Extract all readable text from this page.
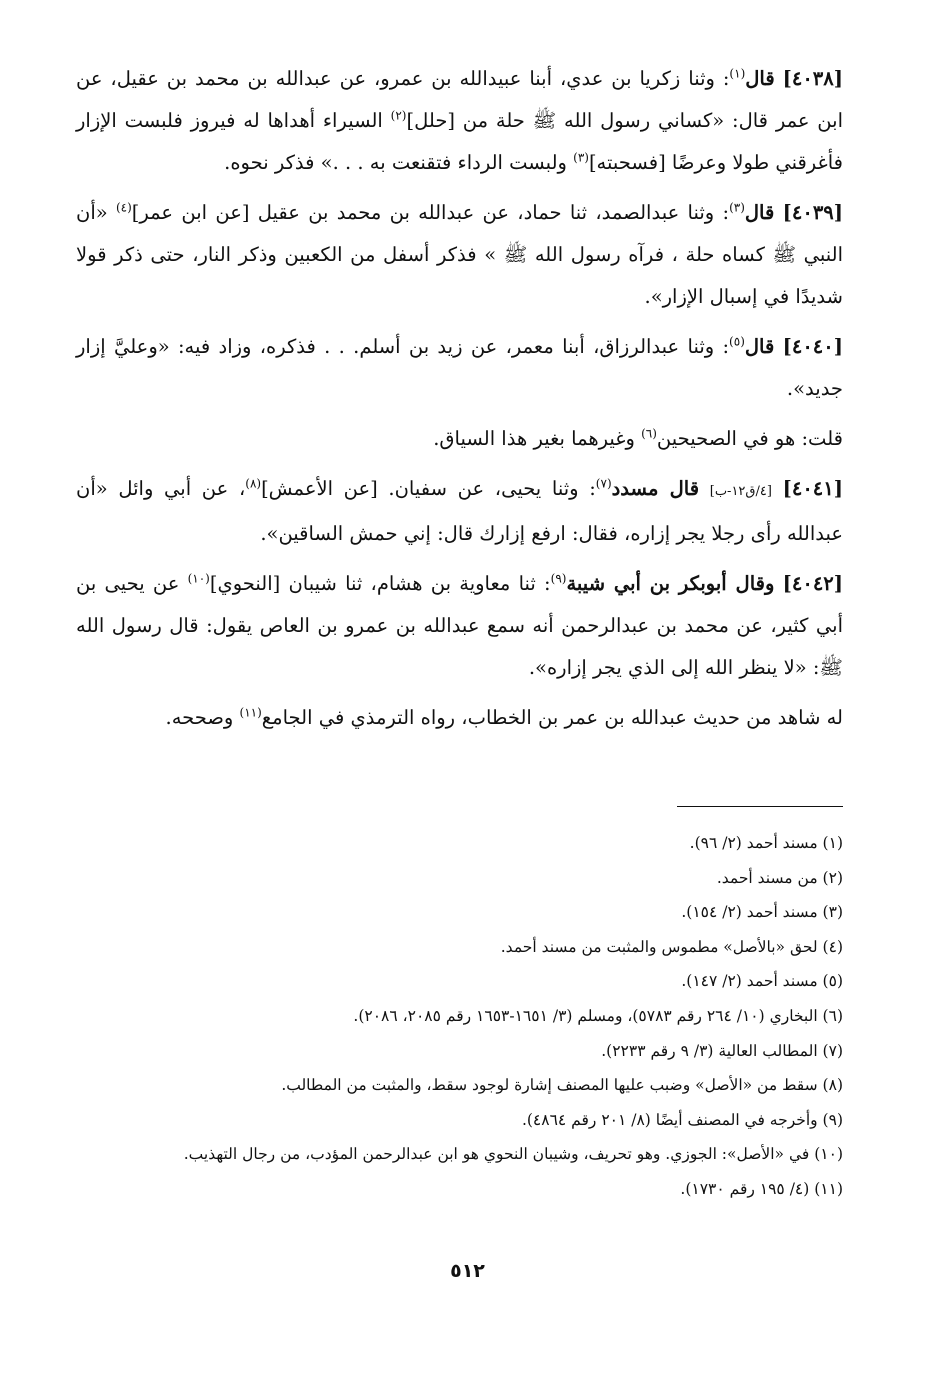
[٤٠٣٨] قال$^{(١)}$: وثنا زكريا بن عدي، أبنا عبيدالله بن عمرو، عن عبدالله بن محمد بن عقيل، عن ابن عمر قال: «كساني رسول الله ﷺ حلة من [حلل]$^{(٢)}$ السيراء أهداها له فيروز فلبست الإزار فأغرقني طولا وعرضًا [فسحبته]$^{(٣)}$ ولبست الرداء فتقنعت به . . .» فذكر نحوه.

[٤٠٣٩] قال$^{(٣)}$: وثنا عبدالصمد، ثنا حماد، عن عبدالله بن محمد بن عقيل [عن ابن عمر]$^{(٤)}$ «أن النبي ﷺ كساه حلة ، فرآه رسول الله ﷺ » فذكر أسفل من الكعبين وذكر النار، حتى ذكر قولا شديدًا في إسبال الإزار».

[٤٠٤٠] قال$^{(٥)}$: وثنا عبدالرزاق، أبنا معمر، عن زيد بن أسلم. . . فذكره، وزاد فيه: «وعليَّ إزار جديد».

قلت: هو في الصحيحين$^{(٦)}$ وغيرهما بغير هذا السياق.

[٤٠٤١] [٤/ق١٢-ب] قال مسدد$^{(٧)}$: وثنا يحيى، عن سفيان. [عن الأعمش]$^{(٨)}$، عن أبي وائل «أن عبدالله رأى رجلا يجر إزاره، فقال: ارفع إزارك قال: إني حمش الساقين».

[٤٠٤٢] وقال أبوبكر بن أبي شيبة$^{(٩)}$: ثنا معاوية بن هشام، ثنا شيبان [النحوي]$^{(١٠)}$ عن يحيى بن أبي كثير، عن محمد بن عبدالرحمن أنه سمع عبدالله بن عمرو بن العاص يقول: قال رسول الله ﷺ: «لا ينظر الله إلى الذي يجر إزاره».

له شاهد من حديث عبدالله بن عمر بن الخطاب، رواه الترمذي في الجامع$^{(١١)}$ وصححه.

(١) مسند أحمد (٢/ ٩٦).

(٢) من مسند أحمد.

(٣) مسند أحمد (٢/ ١٥٤).

(٤) لحق «بالأصل» مطموس والمثبت من مسند أحمد.

(٥) مسند أحمد (٢/ ١٤٧).

(٦) البخاري (١٠/ ٢٦٤ رقم ٥٧٨٣)، ومسلم (٣/ ١٦٥١-١٦٥٣ رقم ٢٠٨٥، ٢٠٨٦).

(٧) المطالب العالية (٣/ ٩ رقم ٢٢٣٣).

(٨) سقط من «الأصل» وضبب عليها المصنف إشارة لوجود سقط، والمثبت من المطالب.

(٩) وأخرجه في المصنف أيضًا (٨/ ٢٠١ رقم ٤٨٦٤).

(١٠) في «الأصل»: الجوزي. وهو تحريف، وشيبان النحوي هو ابن عبدالرحمن المؤدب، من رجال التهذيب.

(١١) (٤/ ١٩٥ رقم ١٧٣٠).

٥١٢
